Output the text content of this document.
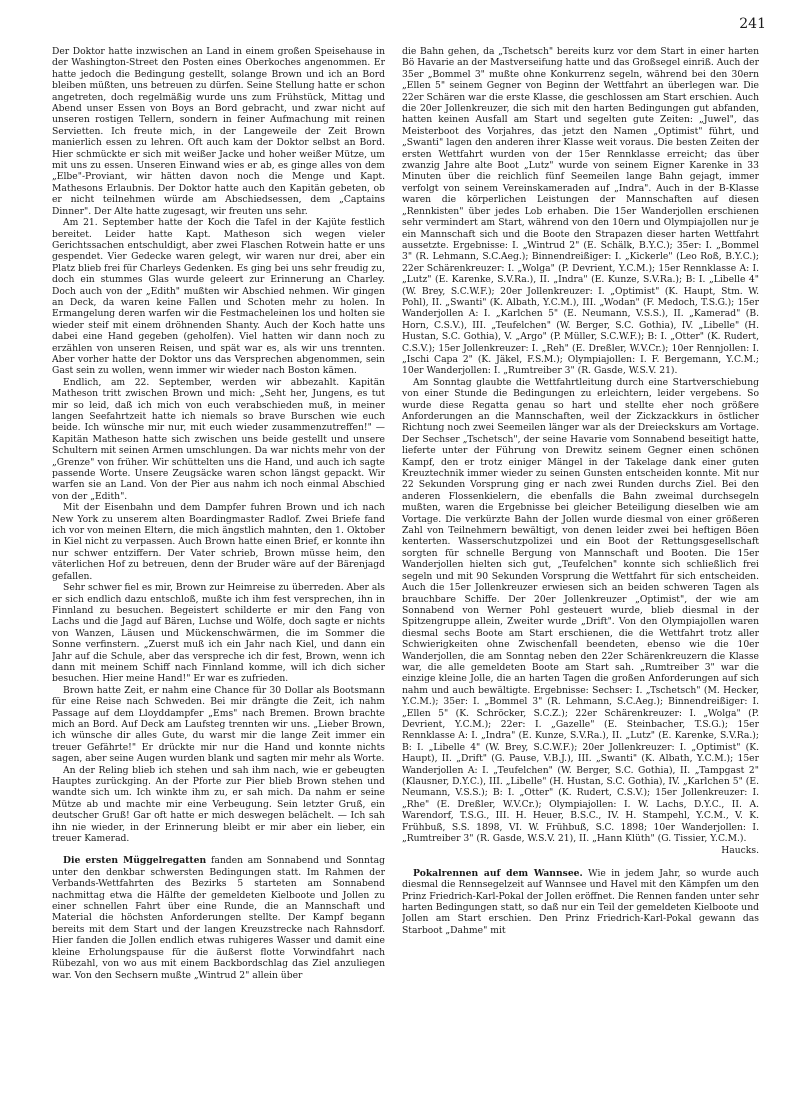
241

Der Doktor hatte inzwischen an Land in einem großen Speisehause in der Washington-Street den Posten eines Oberkoches angenommen. Er hatte jedoch die Bedingung gestellt, solange Brown und ich an Bord bleiben müßten, uns betreuen zu dürfen. Seine Stellung hatte er schon angetreten, doch regelmäßig wurde uns zum Frühstück, Mittag und Abend unser Essen von Boys an Bord gebracht, und zwar nicht auf unseren rostigen Tellern, sondern in feiner Aufmachung mit reinen Servietten. Ich freute mich, in der Langeweile der Zeit Brown manierlich essen zu lehren. Oft auch kam der Doktor selbst an Bord. Hier schmückte er sich mit weißer Jacke und hoher weißer Mütze, um mit uns zu essen. Unseren Einwand wies er ab, es ginge alles von dem „Elbe"-Proviant, wir hätten davon noch die Menge und Kapt. Mathesons Erlaubnis. Der Doktor hatte auch den Kapitän gebeten, ob er nicht teilnehmen würde am Abschiedsessen, dem „Captains Dinner". Der Alte hatte zugesagt, wir freuten uns sehr.

Am 21. September hatte der Koch die Tafel in der Kajüte festlich bereitet. Leider hatte Kapt. Matheson sich wegen vieler Gerichtssachen entschuldigt, aber zwei Flaschen Rotwein hatte er uns gespendet. Vier Gedecke waren gelegt, wir waren nur drei, aber ein Platz blieb frei für Charleys Gedenken. Es ging bei uns sehr freudig zu, doch ein stummes Glas wurde geleert zur Erinnerung an Charley. Doch auch von der „Edith" mußten wir Abschied nehmen. Wir gingen an Deck, da waren keine Fallen und Schoten mehr zu holen. In Ermangelung deren warfen wir die Festmacheleinen los und holten sie wieder steif mit einem dröhnenden Shanty. Auch der Koch hatte uns dabei eine Hand gegeben (geholfen). Viel hatten wir dann noch zu erzählen von unseren Reisen, und spät war es, als wir uns trennten. Aber vorher hatte der Doktor uns das Versprechen abgenommen, sein Gast sein zu wollen, wenn immer wir wieder nach Boston kämen.

Endlich, am 22. September, werden wir abbezahlt. Kapitän Matheson tritt zwischen Brown und mich: „Seht her, Jungens, es tut mir so leid, daß ich mich von euch verabschieden muß, in meiner langen Seefahrtzeit hatte ich niemals so brave Burschen wie euch beide. Ich wünsche mir nur, mit euch wieder zusammenzutreffen!" — Kapitän Matheson hatte sich zwischen uns beide gestellt und unsere Schultern mit seinen Armen umschlungen. Da war nichts mehr von der „Grenze" von früher. Wir schüttelten uns die Hand, und auch ich sagte passende Worte. Unsere Zeugsäcke waren schon längst gepackt. Wir warfen sie an Land. Von der Pier aus nahm ich noch einmal Abschied von der „Edith".

Mit der Eisenbahn und dem Dampfer fuhren Brown und ich nach New York zu unserem alten Boardingmaster Radlof. Zwei Briefe fand ich vor von meinen Eltern, die mich ängstlich mahnten, den 1. Oktober in Kiel nicht zu verpassen. Auch Brown hatte einen Brief, er konnte ihn nur schwer entziffern. Der Vater schrieb, Brown müsse heim, den väterlichen Hof zu betreuen, denn der Bruder wäre auf der Bärenjagd gefallen.

Sehr schwer fiel es mir, Brown zur Heimreise zu überreden. Aber als er sich endlich dazu entschloß, mußte ich ihm fest versprechen, ihn in Finnland zu besuchen. Begeistert schilderte er mir den Fang von Lachs und die Jagd auf Bären, Luchse und Wölfe, doch sagte er nichts von Wanzen, Läusen und Mückenschwärmen, die im Sommer die Sonne verfinstern. „Zuerst muß ich ein Jahr nach Kiel, und dann ein Jahr auf die Schule, aber das verspreche ich dir fest, Brown, wenn ich dann mit meinem Schiff nach Finnland komme, will ich dich sicher besuchen. Hier meine Hand!" Er war es zufrieden.

Brown hatte Zeit, er nahm eine Chance für 30 Dollar als Bootsmann für eine Reise nach Schweden. Bei mir drängte die Zeit, ich nahm Passage auf dem Lloyddampfer „Ems" nach Bremen. Brown brachte mich an Bord. Auf Deck am Laufsteg trennten wir uns. „Lieber Brown, ich wünsche dir alles Gute, du warst mir die lange Zeit immer ein treuer Gefährte!" Er drückte mir nur die Hand und konnte nichts sagen, aber seine Augen wurden blank und sagten mir mehr als Worte.

An der Reling blieb ich stehen und sah ihm nach, wie er gebeugten Hauptes zurückging. An der Pforte zur Pier blieb Brown stehen und wandte sich um. Ich winkte ihm zu, er sah mich. Da nahm er seine Mütze ab und machte mir eine Verbeugung. Sein letzter Gruß, ein deutscher Gruß! Gar oft hatte er mich deswegen belächelt. — Ich sah ihn nie wieder, in der Erinnerung bleibt er mir aber ein lieber, ein treuer Kamerad.

Die ersten Müggelregatten fanden am Sonnabend und Sonntag unter den denkbar schwersten Bedingungen statt. Im Rahmen der Verbands-Wettfahrten des Bezirks 5 starteten am Sonnabend nachmittag etwa die Hälfte der gemeldeten Kielboote und Jollen zu einer schnellen Fahrt über eine Runde, die an Mannschaft und Material die höchsten Anforderungen stellte. Der Kampf begann bereits mit dem Start und der langen Kreuzstrecke nach Rahnsdorf. Hier fanden die Jollen endlich etwas ruhigeres Wasser und damit eine kleine Erholungspause für die äußerst flotte Vorwindfahrt nach Rübezahl, von wo aus mit einem Backbordschlag das Ziel anzuliegen war. Von den Sechsern mußte „Wintrud 2" allein über

die Bahn gehen, da „Tschetsch" bereits kurz vor dem Start in einer harten Bö Havarie an der Mastverseifung hatte und das Großsegel einriß. Auch der 35er „Bommel 3" mußte ohne Konkurrenz segeln, während bei den 30ern „Ellen 5" seinem Gegner von Beginn der Wettfahrt an überlegen war. Die 22er Schären war die erste Klasse, die geschlossen am Start erschien. Auch die 20er Jollenkreuzer, die sich mit den harten Bedingungen gut abfanden, hatten keinen Ausfall am Start und segelten gute Zeiten: „Juwel", das Meisterboot des Vorjahres, das jetzt den Namen „Optimist" führt, und „Swanti" lagen den anderen ihrer Klasse weit voraus. Die besten Zeiten der ersten Wettfahrt wurden von der 15er Rennklasse erreicht; das über zwanzig Jahre alte Boot „Lutz" wurde von seinem Eigner Karenke in 33 Minuten über die reichlich fünf Seemeilen lange Bahn gejagt, immer verfolgt von seinem Vereinskameraden auf „Indra". Auch in der B-Klasse waren die körperlichen Leistungen der Mannschaften auf diesen „Rennkisten" über jedes Lob erhaben. Die 15er Wanderjollen erschienen sehr vermindert am Start, während von den 10ern und Olympiajollen nur je ein Mannschaft sich und die Boote den Strapazen dieser harten Wettfahrt aussetzte. Ergebnisse: I. „Wintrud 2" (E. Schälk, B.Y.C.); 35er: I. „Bommel 3" (R. Lehmann, S.C.Aeg.); Binnendreißiger: I. „Kickerle" (Leo Roß, B.Y.C.); 22er Schärenkreuzer: I. „Wolga" (P. Devrient, Y.C.M.); 15er Rennklasse A: I. „Lutz" (E. Karenke, S.V.Ra.), II. „Indra" (E. Kunze, S.V.Ra.); B: I. „Libelle 4" (W. Brey, S.C.W.F.); 20er Jollenkreuzer: I. „Optimist" (K. Haupt, Stm. W. Pohl), II. „Swanti" (K. Albath, Y.C.M.), III. „Wodan" (F. Medoch, T.S.G.); 15er Wanderjollen A: I. „Karlchen 5" (E. Neumann, V.S.S.), II. „Kamerad" (B. Horn, C.S.V.), III. „Teufelchen" (W. Berger, S.C. Gothia), IV. „Libelle" (H. Hustan, S.C. Gothia), V. „Argo" (P. Müller, S.C.W.F.); B: I. „Otter" (K. Rudert, C.S.V.); 15er Jollenkreuzer: I. „Reh" (E. Dreßler, W.V.Cr.); 10er Rennjollen: I. „Ischi Capa 2" (K. Jäkel, F.S.M.); Olympiajollen: I. F. Bergemann, Y.C.M.; 10er Wanderjollen: I. „Rumtreiber 3" (R. Gasde, W.S.V. 21).

Am Sonntag glaubte die Wettfahrtleitung durch eine Startverschiebung von einer Stunde die Bedingungen zu erleichtern, leider vergebens. So wurde diese Regatta genau so hart und stellte eher noch größere Anforderungen an die Mannschaften, weil der Zickzackkurs in östlicher Richtung noch zwei Seemeilen länger war als der Dreieckskurs am Vortage. Der Sechser „Tschetsch", der seine Havarie vom Sonnabend beseitigt hatte, lieferte unter der Führung von Drewitz seinem Gegner einen schönen Kampf, den er trotz einiger Mängel in der Takelage dank einer guten Kreuztechnik immer wieder zu seinen Gunsten entscheiden konnte. Mit nur 22 Sekunden Vorsprung ging er nach zwei Runden durchs Ziel. Bei den anderen Flossenkielern, die ebenfalls die Bahn zweimal durchsegeln mußten, waren die Ergebnisse bei gleicher Beteiligung dieselben wie am Vortage. Die verkürzte Bahn der Jollen wurde diesmal von einer größeren Zahl von Teilnehmern bewältigt, von denen leider zwei bei heftigen Böen kenterten. Wasserschutzpolizei und ein Boot der Rettungsgesellschaft sorgten für schnelle Bergung von Mannschaft und Booten. Die 15er Wanderjollen hielten sich gut, „Teufelchen" konnte sich schließlich frei segeln und mit 90 Sekunden Vorsprung die Wettfahrt für sich entscheiden. Auch die 15er Jollenkreuzer erwiesen sich an beiden schweren Tagen als brauchbare Schiffe. Der 20er Jollenkreuzer „Optimist", der wie am Sonnabend von Werner Pohl gesteuert wurde, blieb diesmal in der Spitzengruppe allein, Zweiter wurde „Drift". Von den Olympiajollen waren diesmal sechs Boote am Start erschienen, die die Wettfahrt trotz aller Schwierigkeiten ohne Zwischenfall beendeten, ebenso wie die 10er Wanderjollen, die am Sonntag neben den 22er Schärenkreuzern die Klasse war, die alle gemeldeten Boote am Start sah. „Rumtreiber 3" war die einzige kleine Jolle, die an harten Tagen die großen Anforderungen auf sich nahm und auch bewältigte. Ergebnisse: Sechser: I. „Tschetsch" (M. Hecker, Y.C.M.); 35er: I. „Bommel 3" (R. Lehmann, S.C.Aeg.); Binnendreißiger: I. „Ellen 5" (K. Schröcker, S.C.Z.); 22er Schärenkreuzer: I. „Wolga" (P. Devrient, Y.C.M.); 22er: I. „Gazelle" (E. Steinbacher, T.S.G.); 15er Rennklasse A: I. „Indra" (E. Kunze, S.V.Ra.), II. „Lutz" (E. Karenke, S.V.Ra.); B: I. „Libelle 4" (W. Brey, S.C.W.F.); 20er Jollenkreuzer: I. „Optimist" (K. Haupt), II. „Drift" (G. Pause, V.B.J.), III. „Swanti" (K. Albath, Y.C.M.); 15er Wanderjollen A: I. „Teufelchen" (W. Berger, S.C. Gothia), II. „Tampgast 2" (Klausner, D.Y.C.), III. „Libelle" (H. Hustan, S.C. Gothia), IV. „Karlchen 5" (E. Neumann, V.S.S.); B: I. „Otter" (K. Rudert, C.S.V.); 15er Jollenkreuzer: I. „Rhe" (E. Dreßler, W.V.Cr.); Olympiajollen: I. W. Lachs, D.Y.C., II. A. Warendorf, T.S.G., III. H. Heuer, B.S.C., IV. H. Stampehl, Y.C.M., V. K. Frühbuß, S.S. 1898, VI. W. Frühbuß, S.C. 1898; 10er Wanderjollen: I. „Rumtreiber 3" (R. Gasde, W.S.V. 21), II. „Hann Klüth" (G. Tissier, Y.C.M.).

Haucks.

Pokalrennen auf dem Wannsee. Wie in jedem Jahr, so wurde auch diesmal die Rennsegelzeit auf Wannsee und Havel mit den Kämpfen um den Prinz Friedrich-Karl-Pokal der Jollen eröffnet. Die Rennen fanden unter sehr harten Bedingungen statt, so daß nur ein Teil der gemeldeten Kielboote und Jollen am Start erschien. Den Prinz Friedrich-Karl-Pokal gewann das Starboot „Dahme" mit
